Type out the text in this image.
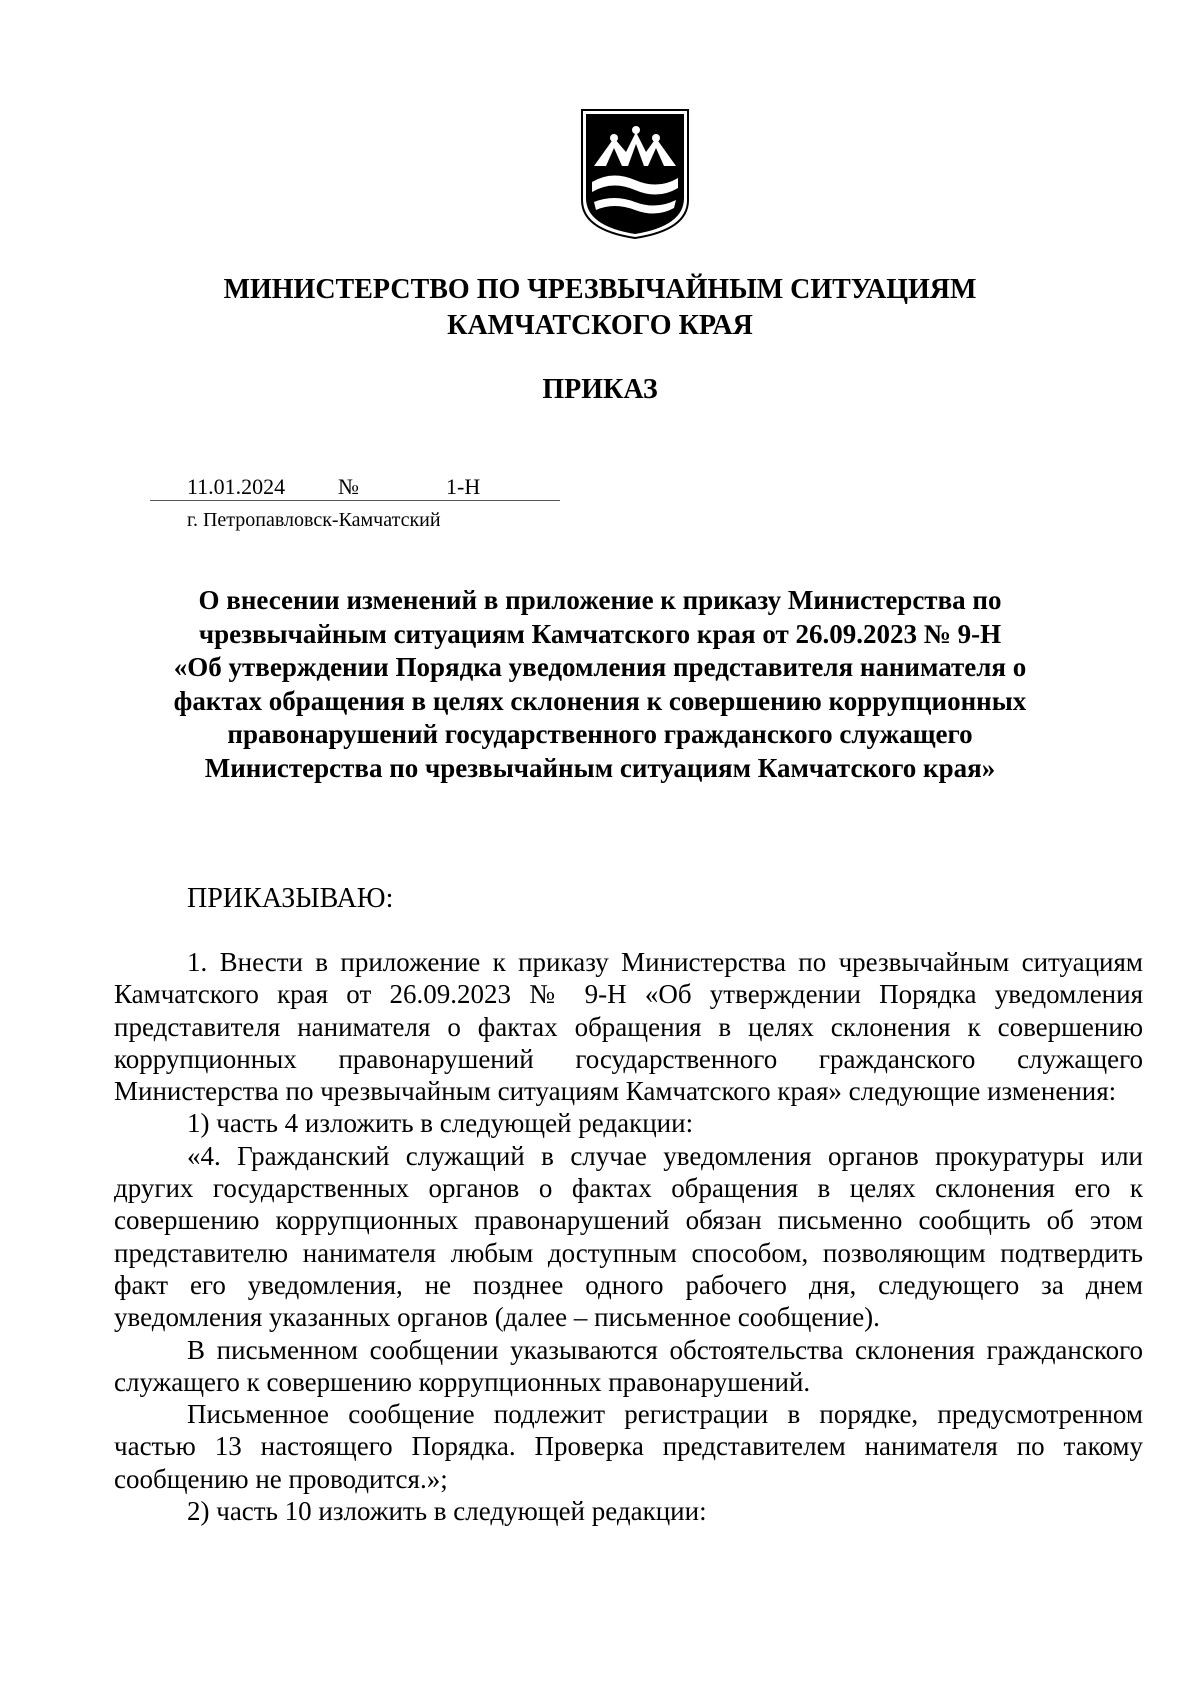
МИНИСТЕРСТВО ПО ЧРЕЗВЫЧАЙНЫМ СИТУАЦИЯМ
КАМЧАТСКОГО КРАЯ
ПРИКАЗ
11.01.2024 №	1-Н
г. Петропавловск-Камчатский
О внесении изменений в приложение к приказу Министерства по
чрезвычайным ситуациям Камчатского края от 26.09.2023 № 9-Н
«Об утверждении Порядка уведомления представителя нанимателя о
фактах обращения в целях склонения к совершению коррупционных
правонарушений государственного гражданского служащего
Министерства по чрезвычайным ситуациям Камчатского края»
ПРИКАЗЫВАЮ:

1. Внести в приложение к приказу Министерства по чрезвычайным ситуациям Камчатского края от 26.09.2023 № 9-Н «Об утверждении Порядка уведомления представителя нанимателя о фактах обращения в целях склонения к совершению коррупционных правонарушений государственного гражданского служащего Министерства по чрезвычайным ситуациям Камчатского края» следующие изменения:

1) часть 4 изложить в следующей редакции:

«4. Гражданский служащий в случае уведомления органов прокуратуры или других государственных органов о фактах обращения в целях склонения его к совершению коррупционных правонарушений обязан письменно сообщить об этом представителю нанимателя любым доступным способом, позволяющим подтвердить факт его уведомления, не позднее одного рабочего дня, следующего за днем уведомления указанных органов (далее – письменное сообщение).

В письменном сообщении указываются обстоятельства склонения гражданского служащего к совершению коррупционных правонарушений.

Письменное сообщение подлежит регистрации в порядке, предусмотренном частью 13 настоящего Порядка. Проверка представителем нанимателя по такому сообщению не проводится.»;

2) часть 10 изложить в следующей редакции:
